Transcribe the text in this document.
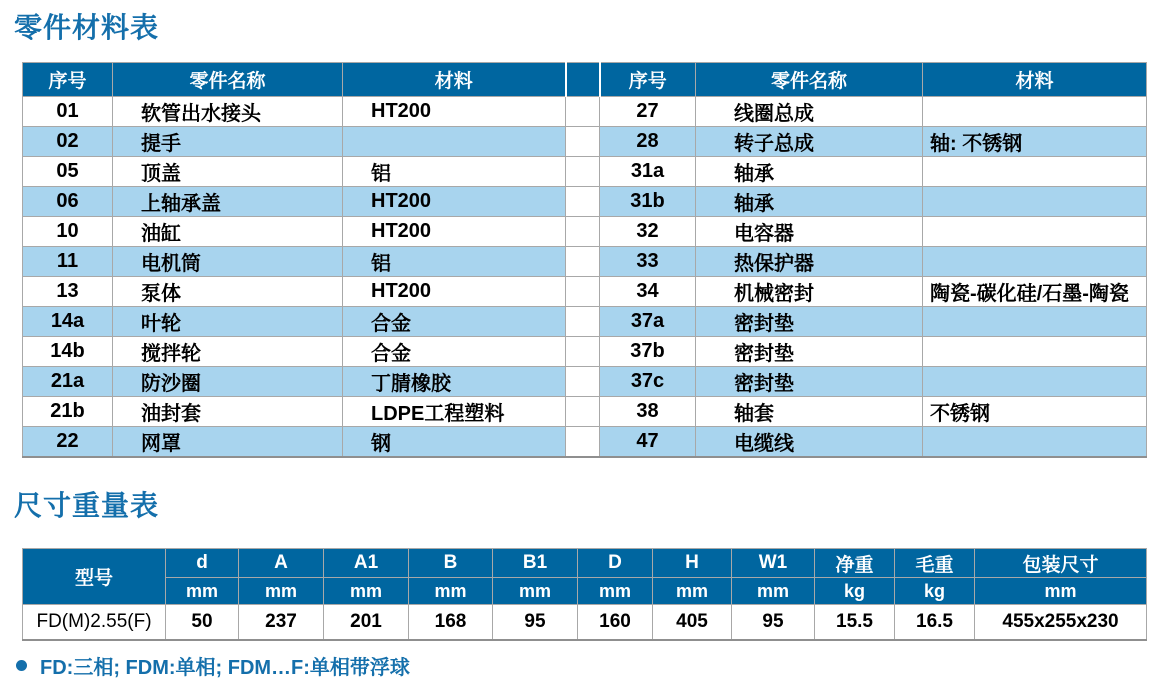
零件材料表
序号	零件名称	材料		序号	零件名称	材料
01	软管出水接头	HT200		27	线圈总成	
02	提手			28	转子总成	轴: 不锈钢
05	顶盖	铝		31a	轴承	
06	上轴承盖	HT200		31b	轴承	
10	油缸	HT200		32	电容器	
11	电机筒	铝		33	热保护器	
13	泵体	HT200		34	机械密封	陶瓷-碳化硅/石墨-陶瓷
14a	叶轮	合金		37a	密封垫	
14b	搅拌轮	合金		37b	密封垫	
21a	防沙圈	丁腈橡胶		37c	密封垫	
21b	油封套	LDPE工程塑料		38	轴套	不锈钢
22	网罩	钢		47	电缆线	
尺寸重量表
型号	d	A	A1	B	B1	D	H	W1	净重	毛重	包装尺寸
	mm	mm	mm	mm	mm	mm	mm	mm	kg	kg	mm
FD(M)2.55(F)	50	237	201	168	95	160	405	95	15.5	16.5	455x255x230
FD:三相; FDM:单相; FDM…F:单相带浮球
